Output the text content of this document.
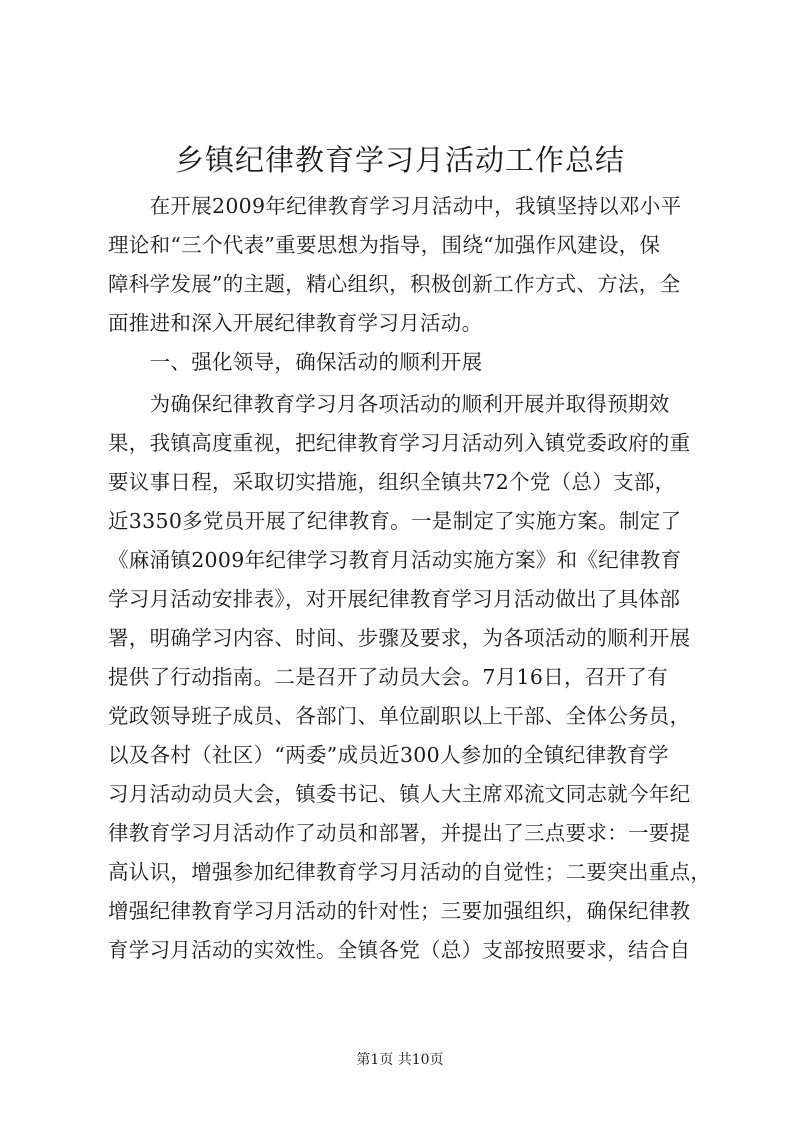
乡镇纪律教育学习月活动工作总结

　　在开展2009年纪律教育学习月活动中，我镇坚持以邓小平

理论和“三个代表”重要思想为指导，围绕“加强作风建设，保

障科学发展”的主题，精心组织，积极创新工作方式、方法，全

面推进和深入开展纪律教育学习月活动。

　　一、强化领导，确保活动的顺利开展

　　为确保纪律教育学习月各项活动的顺利开展并取得预期效

果，我镇高度重视，把纪律教育学习月活动列入镇党委政府的重

要议事日程，采取切实措施，组织全镇共72个党（总）支部，

近3350多党员开展了纪律教育。一是制定了实施方案。制定了

《麻涌镇2009年纪律学习教育月活动实施方案》和《纪律教育

学习月活动安排表》，对开展纪律教育学习月活动做出了具体部

署，明确学习内容、时间、步骤及要求，为各项活动的顺利开展

提供了行动指南。二是召开了动员大会。7月16日，召开了有

党政领导班子成员、各部门、单位副职以上干部、全体公务员，

以及各村（社区）“两委”成员近300人参加的全镇纪律教育学

习月活动动员大会，镇委书记、镇人大主席邓流文同志就今年纪

律教育学习月活动作了动员和部署，并提出了三点要求：一要提

高认识，增强参加纪律教育学习月活动的自觉性；二要突出重点，

增强纪律教育学习月活动的针对性；三要加强组织，确保纪律教

育学习月活动的实效性。全镇各党（总）支部按照要求，结合自

第1页 共10页
